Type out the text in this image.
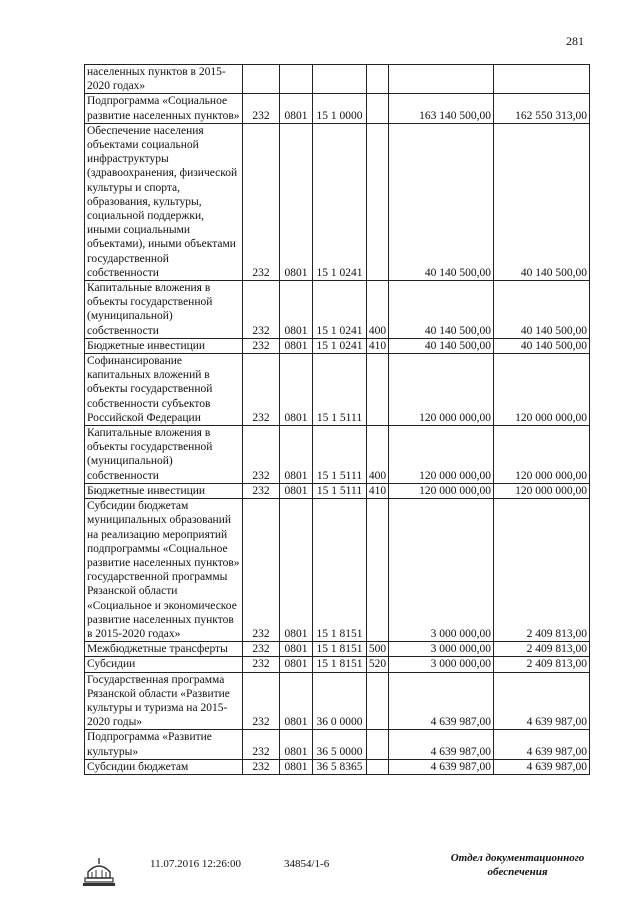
281
населенных пунктов в 2015-2020 годах»						
Подпрограмма «Социальное развитие населенных пунктов»	232	0801	15 1 0000		163 140 500,00	162 550 313,00
Обеспечение населения объектами социальной инфраструктуры (здравоохранения, физической культуры и спорта, образования, культуры, социальной поддержки, иными социальными объектами), иными объектами государственной собственности	232	0801	15 1 0241		40 140 500,00	40 140 500,00
Капитальные вложения в объекты государственной (муниципальной) собственности	232	0801	15 1 0241	400	40 140 500,00	40 140 500,00
Бюджетные инвестиции	232	0801	15 1 0241	410	40 140 500,00	40 140 500,00
Софинансирование капитальных вложений в объекты государственной собственности субъектов Российской Федерации	232	0801	15 1 5111		120 000 000,00	120 000 000,00
Капитальные вложения в объекты государственной (муниципальной) собственности	232	0801	15 1 5111	400	120 000 000,00	120 000 000,00
Бюджетные инвестиции	232	0801	15 1 5111	410	120 000 000,00	120 000 000,00
Субсидии бюджетам муниципальных образований на реализацию мероприятий подпрограммы «Социальное развитие населенных пунктов» государственной программы Рязанской области «Социальное и экономическое развитие населенных пунктов в 2015-2020 годах»	232	0801	15 1 8151		3 000 000,00	2 409 813,00
Межбюджетные трансферты	232	0801	15 1 8151	500	3 000 000,00	2 409 813,00
Субсидии	232	0801	15 1 8151	520	3 000 000,00	2 409 813,00
Государственная программа Рязанской области «Развитие культуры и туризма на 2015-2020 годы»	232	0801	36 0 0000		4 639 987,00	4 639 987,00
Подпрограмма «Развитие культуры»	232	0801	36 5 0000		4 639 987,00	4 639 987,00
Субсидии бюджетам	232	0801	36 5 8365		4 639 987,00	4 639 987,00
11.07.2016 12:26:00	34854/1-6	Отдел документационного обеспечения
